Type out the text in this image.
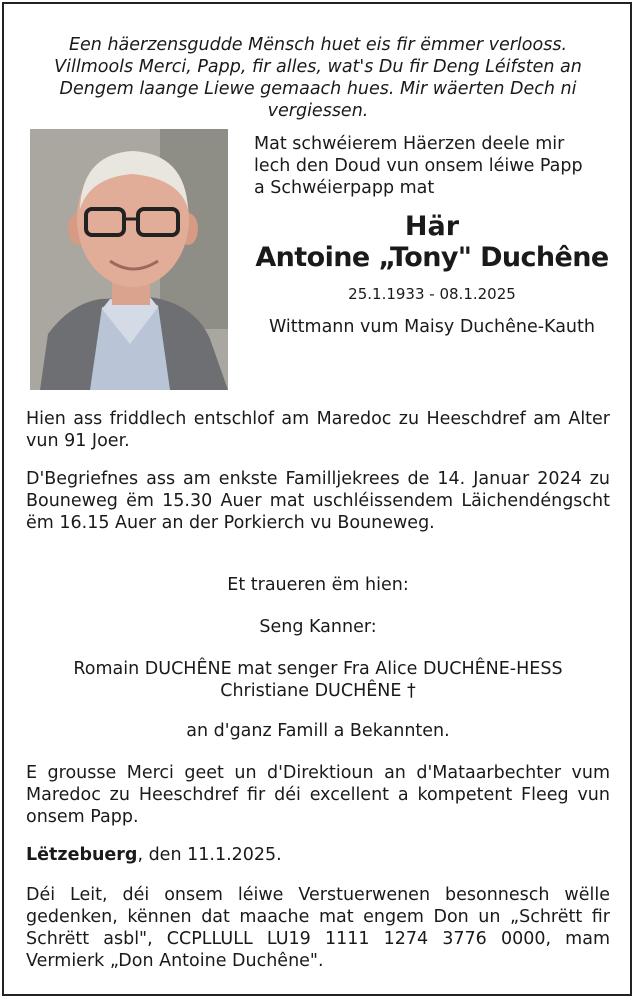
Een häerzensgudde Mënsch huet eis fir ëmmer verlooss. Villmools Merci, Papp, fir alles, wat's Du fir Deng Léifsten an Dengem laange Liewe gemaach hues. Mir wäerten Dech ni vergiessen.
Mat schwéierem Häerzen deele mir
lech den Doud vun onsem léiwe Papp
a Schwéierpapp mat
Här
Antoine „Tony" Duchêne
25.1.1933 - 08.1.2025
Wittmann vum Maisy Duchêne-Kauth
Hien ass friddlech entschlof am Maredoc zu Heeschdref am Alter vun 91 Joer.
D'Begriefnes ass am enkste Familljekrees de 14. Januar 2024 zu Bouneweg ëm 15.30 Auer mat uschléissendem Läichendéngscht ëm 16.15 Auer an der Porkierch vu Bouneweg.
Et traueren ëm hien:
Seng Kanner:
Romain DUCHÊNE mat senger Fra Alice DUCHÊNE-HESS
Christiane DUCHÊNE †
an d'ganz Famill a Bekannten.
E grousse Merci geet un d'Direktioun an d'Mataarbechter vum Maredoc zu Heeschdref fir déi excellent a kompetent Fleeg vun onsem Papp.
Lëtzebuerg, den 11.1.2025.
Déi Leit, déi onsem léiwe Verstuerwenen besonnesch wëlle gedenken, kënnen dat maache mat engem Don un „Schrëtt fir Schrëtt asbl", CCPLLULL LU19 1111 1274 3776 0000, mam Vermierk „Don Antoine Duchêne".
